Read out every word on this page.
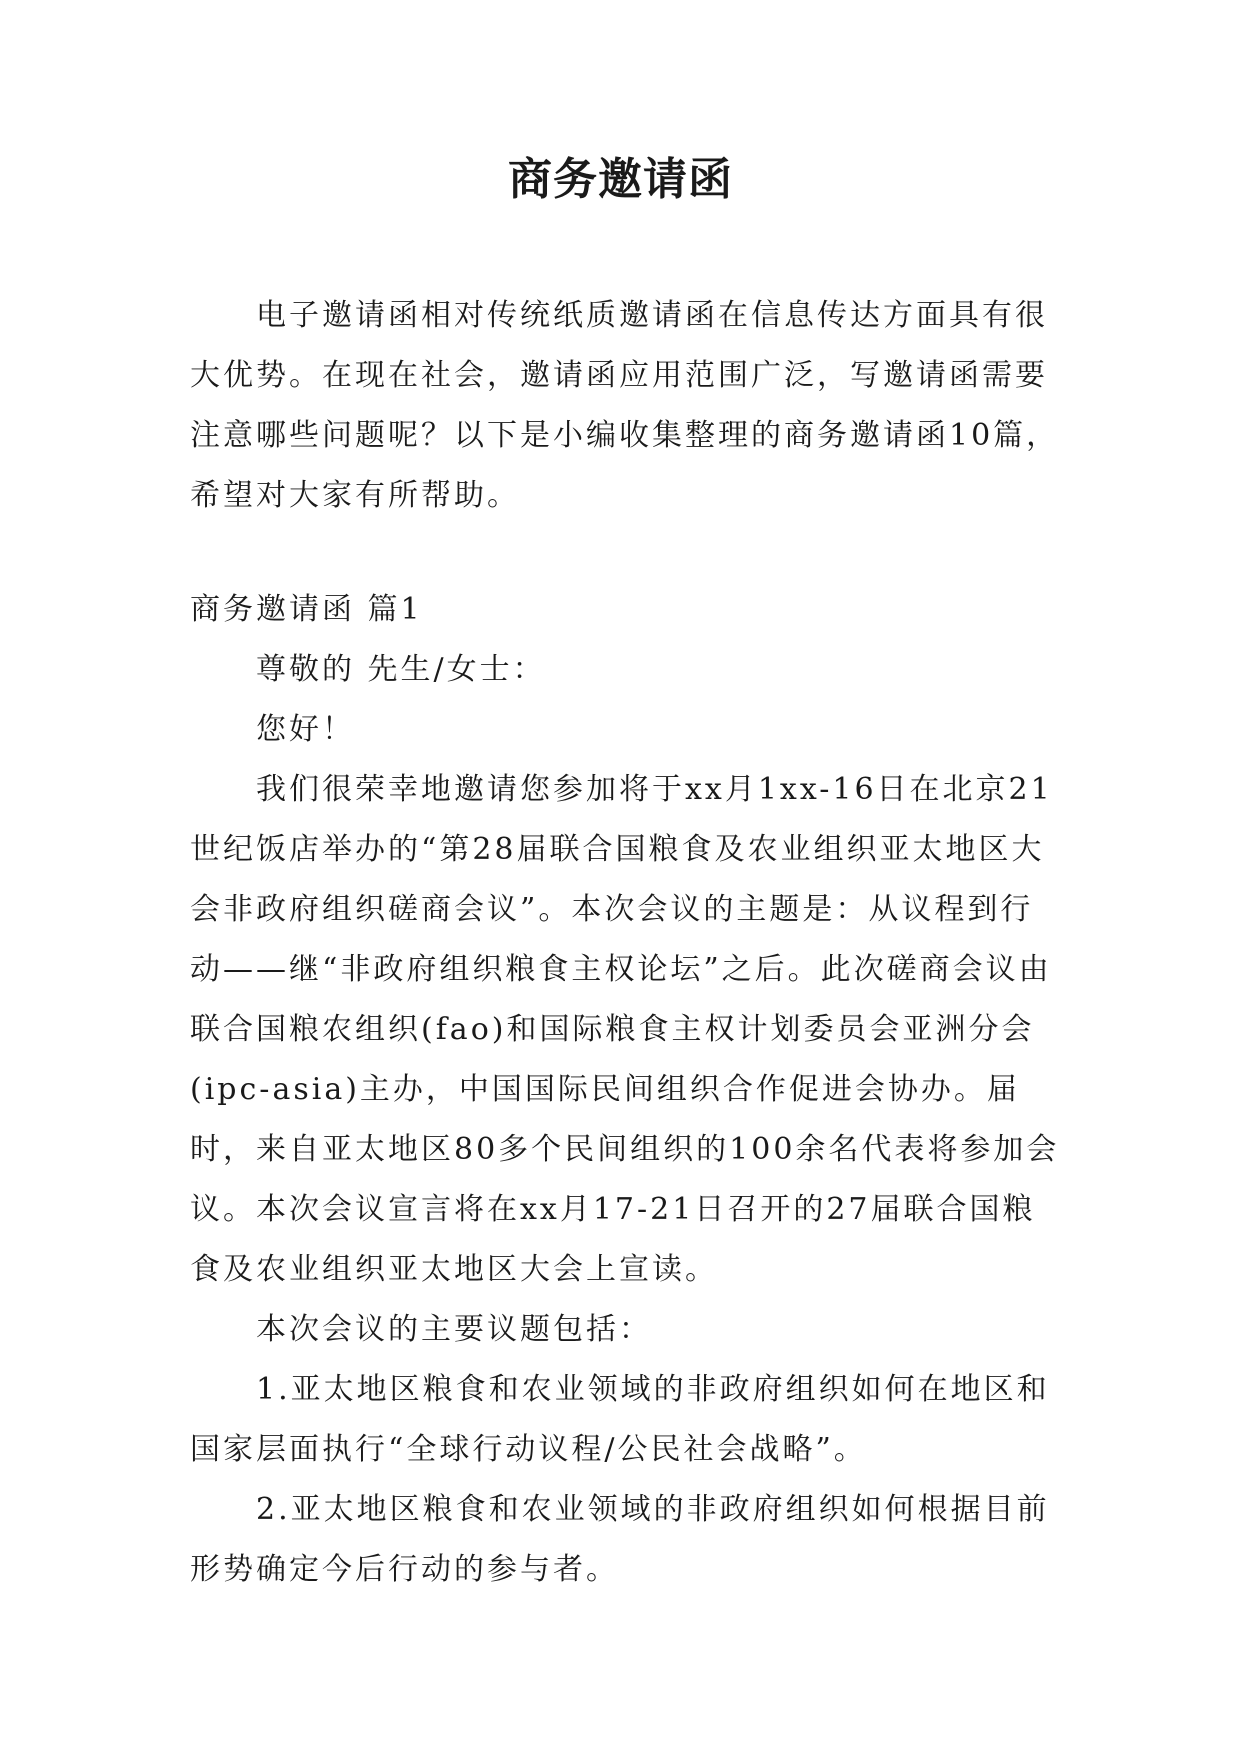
商务邀请函

电子邀请函相对传统纸质邀请函在信息传达方面具有很大优势。在现在社会，邀请函应用范围广泛，写邀请函需要注意哪些问题呢？以下是小编收集整理的商务邀请函10篇，希望对大家有所帮助。

商务邀请函 篇1

尊敬的 先生/女士：

您好！

我们很荣幸地邀请您参加将于xx月1xx-16日在北京21世纪饭店举办的“第28届联合国粮食及农业组织亚太地区大会非政府组织磋商会议”。本次会议的主题是：从议程到行动——继“非政府组织粮食主权论坛”之后。此次磋商会议由联合国粮农组织(fao)和国际粮食主权计划委员会亚洲分会(ipc-asia)主办，中国国际民间组织合作促进会协办。届时，来自亚太地区80多个民间组织的100余名代表将参加会议。本次会议宣言将在xx月17-21日召开的27届联合国粮食及农业组织亚太地区大会上宣读。

本次会议的主要议题包括：

1.亚太地区粮食和农业领域的非政府组织如何在地区和国家层面执行“全球行动议程/公民社会战略”。

2.亚太地区粮食和农业领域的非政府组织如何根据目前形势确定今后行动的参与者。
